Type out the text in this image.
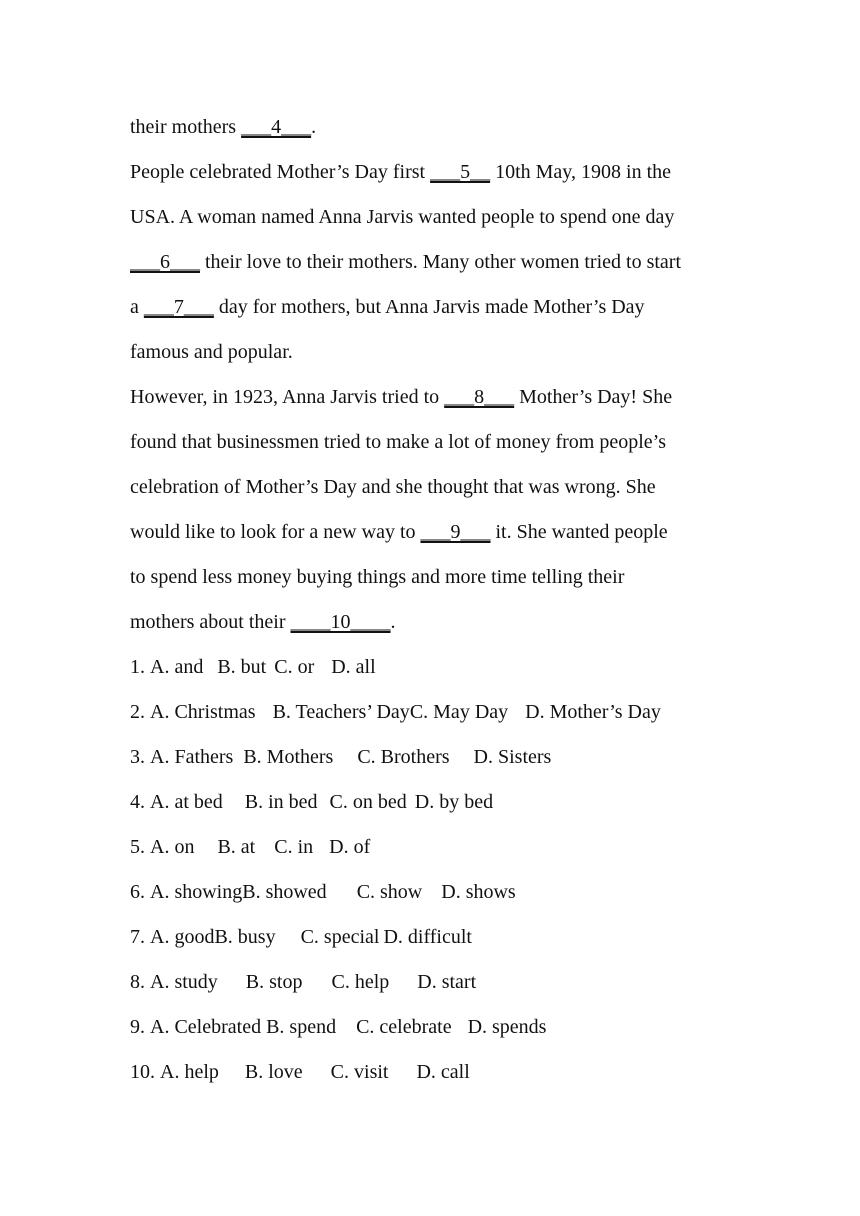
their mothers ___4___.
People celebrated Mother’s Day first ___5__ 10th May, 1908 in the
USA. A woman named Anna Jarvis wanted people to spend one day
___6___ their love to their mothers. Many other women tried to start
a ___7___ day for mothers, but Anna Jarvis made Mother’s Day
famous and popular.
However, in 1923, Anna Jarvis tried to ___8___ Mother’s Day! She
found that businessmen tried to make a lot of money from people’s
celebration of Mother’s Day and she thought that was wrong. She
would like to look for a new way to ___9___ it. She wanted people
to spend less money buying things and more time telling their
mothers about their ____10____.
1. A. and B. but C. or D. all
2. A. Christmas B. Teachers’ DayC. May Day D. Mother’s Day
3. A. Fathers B. Mothers C. Brothers D. Sisters
4. A. at bed B. in bed C. on bed D. by bed
5. A. on B. at C. in D. of
6. A. showingB. showed C. show D. shows
7. A. goodB. busy C. special D. difficult
8. A. study B. stop C. help D. start
9. A. Celebrated B. spend C. celebrate D. spends
10. A. help B. love C. visit D. call
